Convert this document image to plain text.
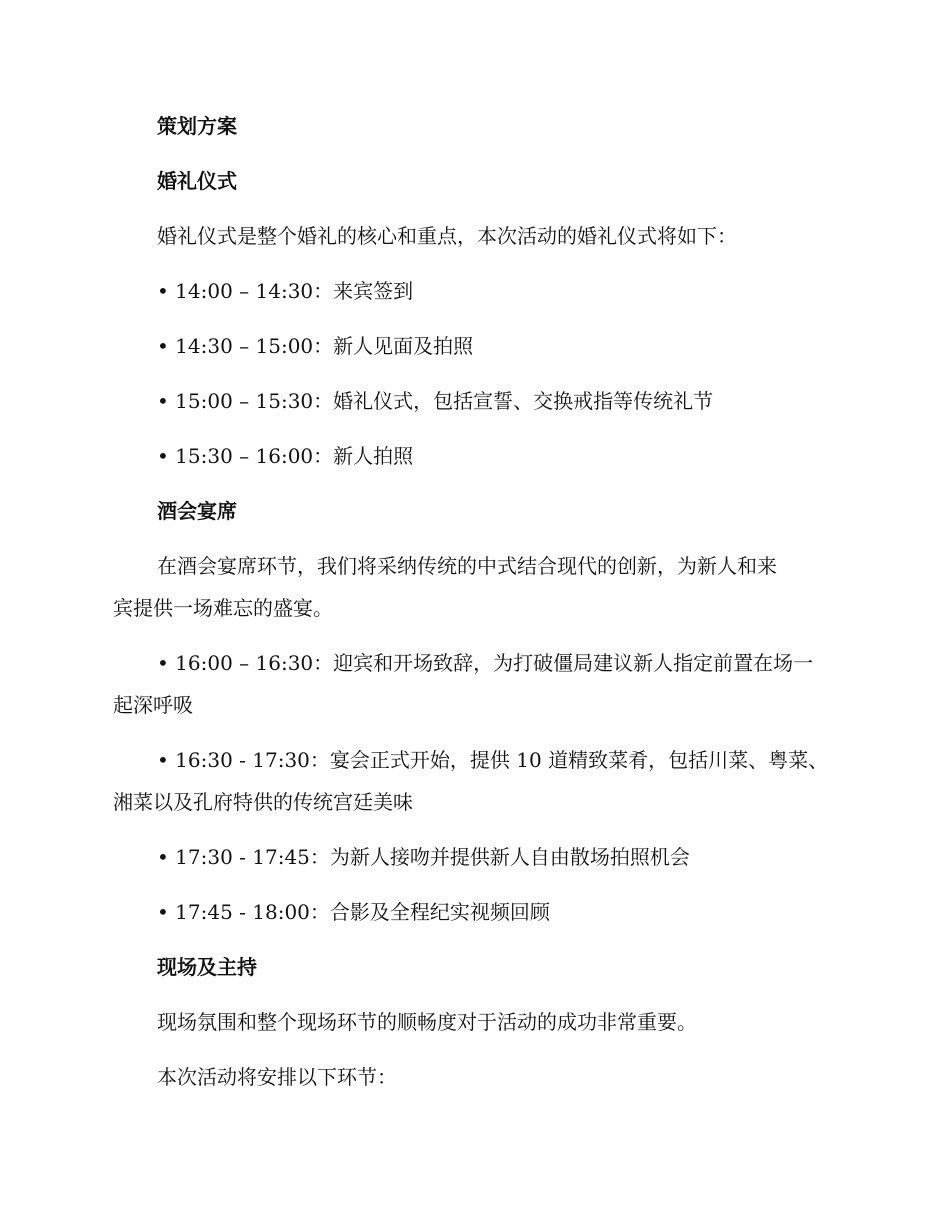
策划方案
婚礼仪式
婚礼仪式是整个婚礼的核心和重点，本次活动的婚礼仪式将如下：
• 14:00 – 14:30：来宾签到
• 14:30 – 15:00：新人见面及拍照
• 15:00 – 15:30：婚礼仪式，包括宣誓、交换戒指等传统礼节
• 15:30 – 16:00：新人拍照
酒会宴席
在酒会宴席环节，我们将采纳传统的中式结合现代的创新，为新人和来
宾提供一场难忘的盛宴。
• 16:00 – 16:30：迎宾和开场致辞，为打破僵局建议新人指定前置在场一
起深呼吸
• 16:30 - 17:30：宴会正式开始，提供 10 道精致菜肴，包括川菜、粤菜、
湘菜以及孔府特供的传统宫廷美味
• 17:30 - 17:45：为新人接吻并提供新人自由散场拍照机会
• 17:45 - 18:00：合影及全程纪实视频回顾
现场及主持
现场氛围和整个现场环节的顺畅度对于活动的成功非常重要。
本次活动将安排以下环节：
